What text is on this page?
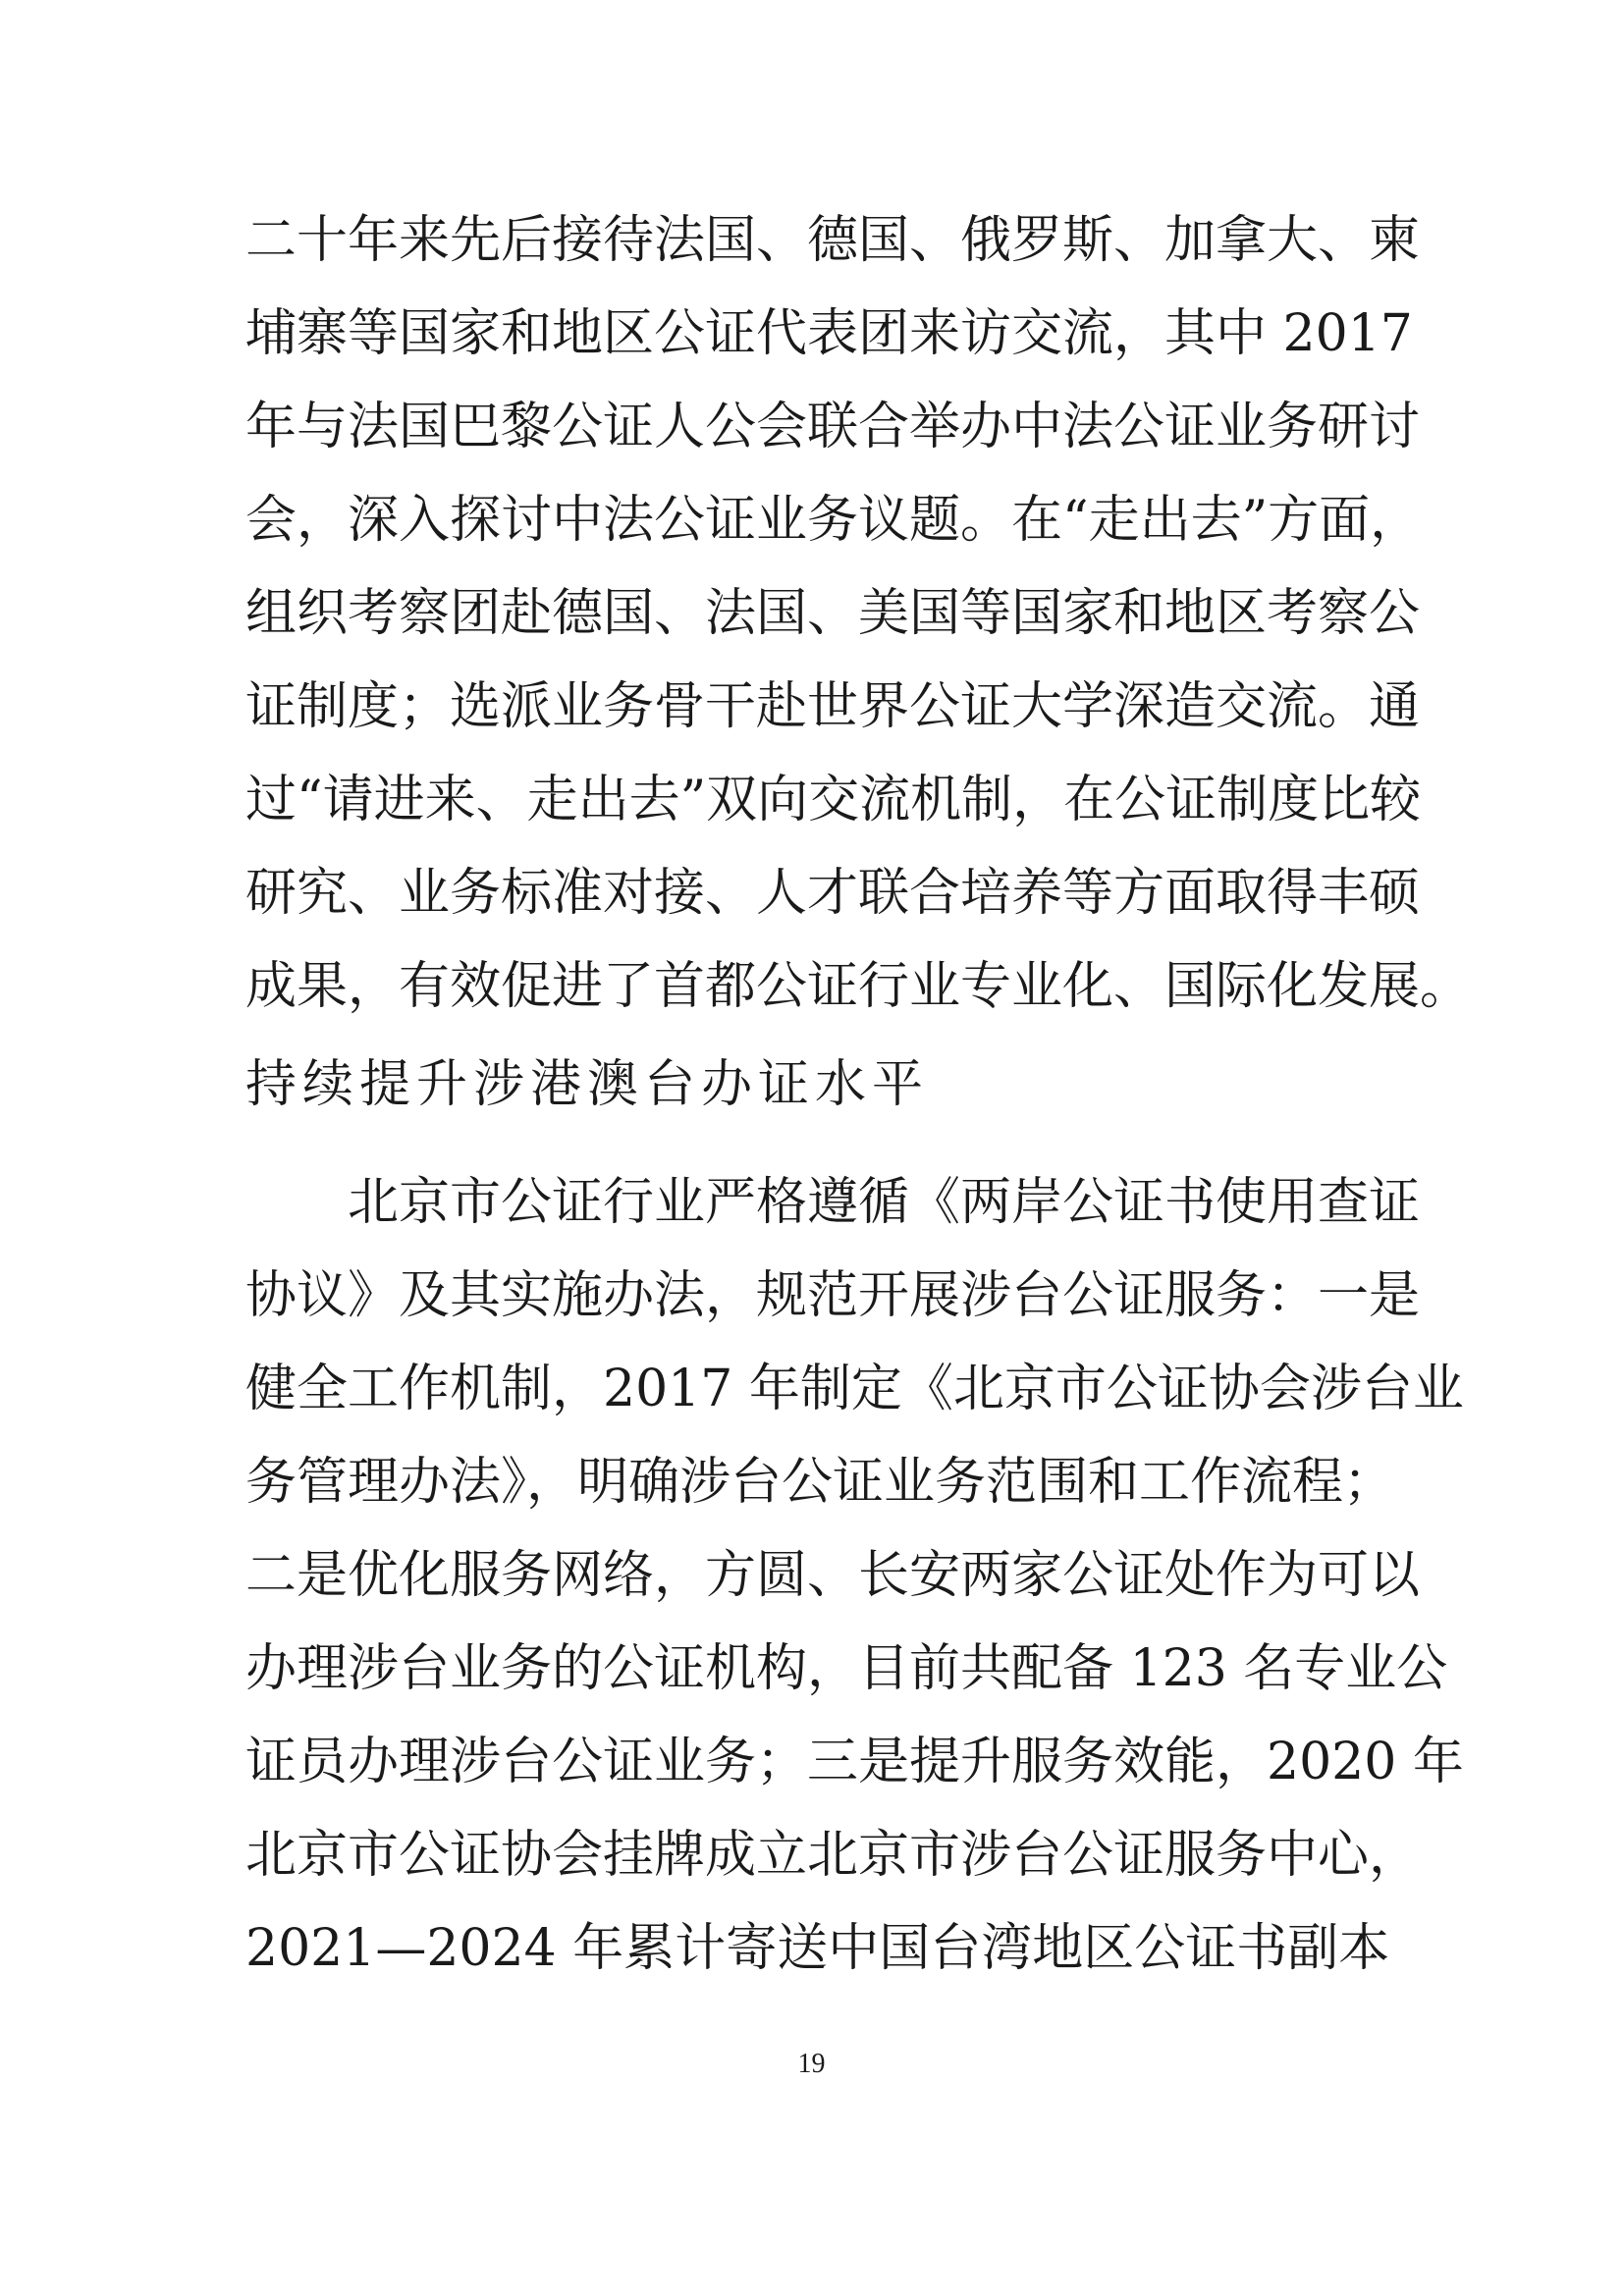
二十年来先后接待法国、德国、俄罗斯、加拿大、柬
埔寨等国家和地区公证代表团来访交流，其中 2017
年与法国巴黎公证人公会联合举办中法公证业务研讨
会，深入探讨中法公证业务议题。在“走出去”方面，
组织考察团赴德国、法国、美国等国家和地区考察公
证制度；选派业务骨干赴世界公证大学深造交流。通
过“请进来、走出去”双向交流机制，在公证制度比较
研究、业务标准对接、人才联合培养等方面取得丰硕
成果，有效促进了首都公证行业专业化、国际化发展。
持续提升涉港澳台办证水平
北京市公证行业严格遵循《两岸公证书使用查证
协议》及其实施办法，规范开展涉台公证服务：一是
健全工作机制，2017 年制定《北京市公证协会涉台业
务管理办法》，明确涉台公证业务范围和工作流程；
二是优化服务网络，方圆、长安两家公证处作为可以
办理涉台业务的公证机构，目前共配备 123 名专业公
证员办理涉台公证业务；三是提升服务效能，2020 年
北京市公证协会挂牌成立北京市涉台公证服务中心，
2021—2024 年累计寄送中国台湾地区公证书副本
19
